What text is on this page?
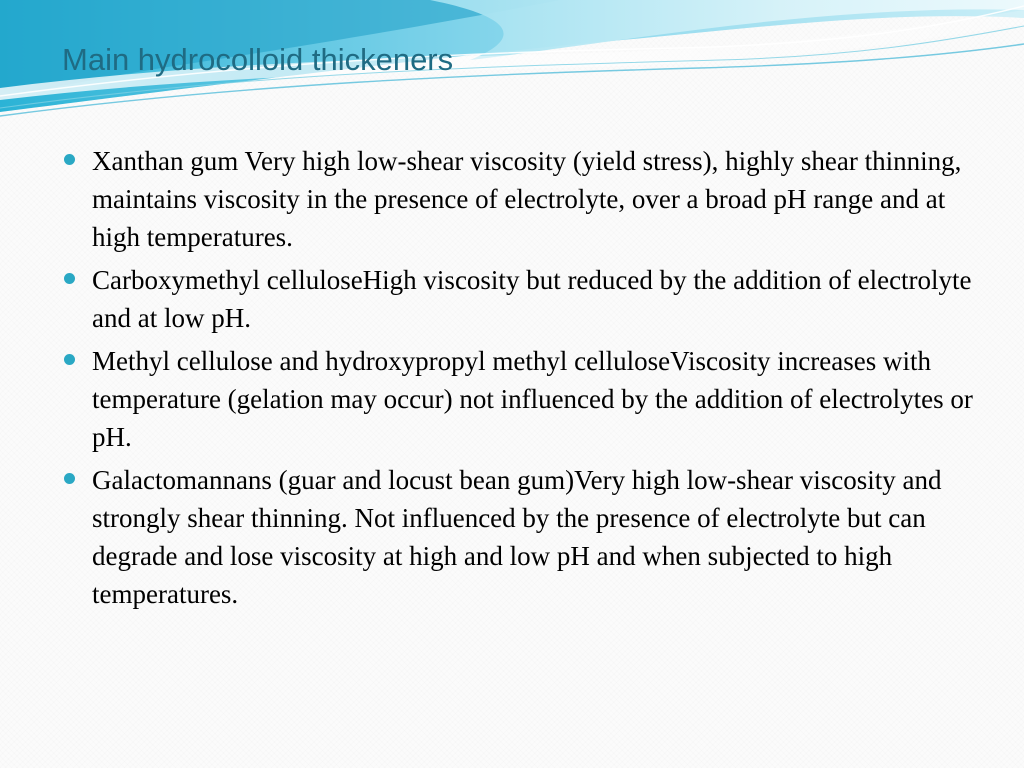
Main hydrocolloid thickeners
Xanthan gum Very high low-shear viscosity (yield stress), highly shear thinning, maintains viscosity in the presence of electrolyte, over a broad pH range and at high temperatures.
Carboxymethyl celluloseHigh viscosity but reduced by the addition of electrolyte and at low pH.
Methyl cellulose and hydroxypropyl methyl celluloseViscosity increases with temperature (gelation may occur) not influenced by the addition of electrolytes or pH.
Galactomannans (guar and locust bean gum)Very high low-shear viscosity and strongly shear thinning. Not influenced by the presence of electrolyte but can degrade and lose viscosity at high and low pH and when subjected to high temperatures.
